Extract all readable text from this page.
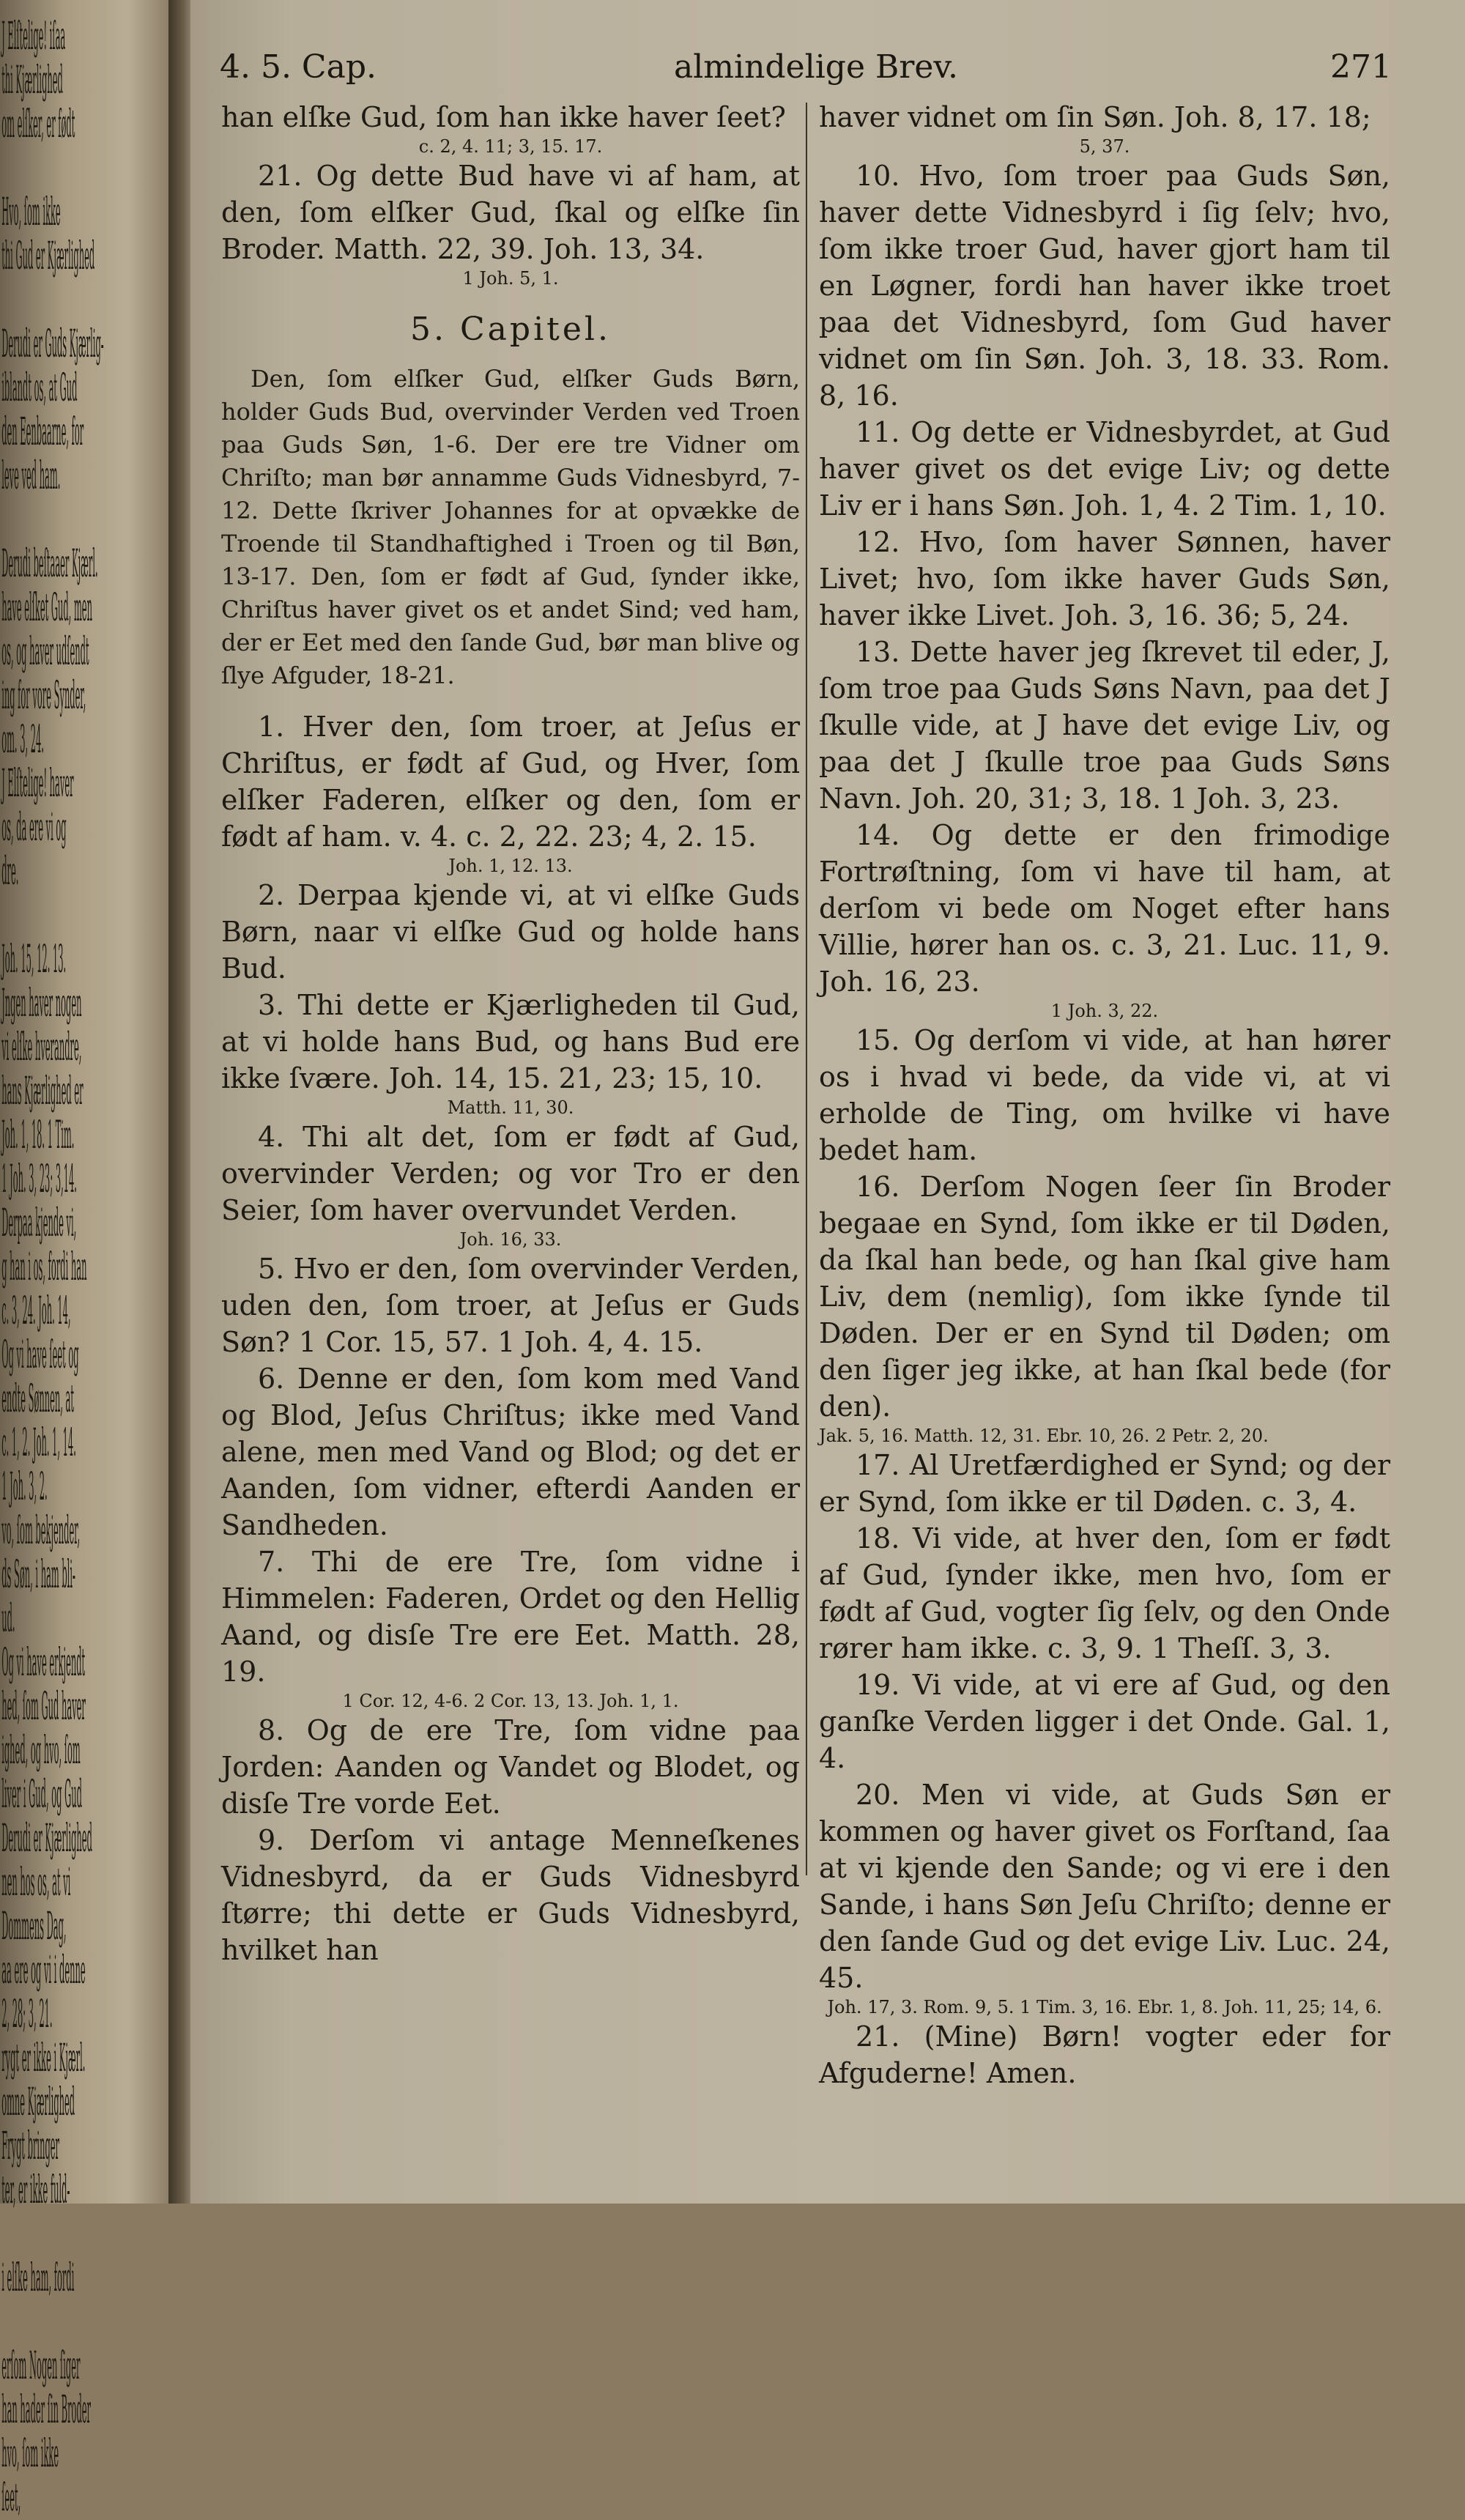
J Elſtelige! iſaa
thi Kjærlighed
om elſker, er født

Hvo, ſom ikke
thi Gud er Kjærlighed

Derudi er Guds Kjærlig-
iblandt os, at Gud
den Eenbaarne, for
leve ved ham.

Derudi beſtaaer Kjærl.
have elſket Gud, men
os, og haver udſendt
ing for vore Synder,
om. 3, 24.
J Elſtelige! haver
os, da ere vi og
dre.

Joh. 15, 12. 13.
Jngen haver nogen
vi elſke hverandre,
hans Kjærlighed er
Joh. 1, 18. 1 Tim.
1 Joh. 3, 23; 3,14.
Derpaa kjende vi,
g han i os, fordi han
c. 3, 24. Joh. 14,
Og vi have ſeet og
endte Sønnen, at
c. 1, 2. Joh. 1, 14.
1 Joh. 3, 2.
vo, ſom bekjender,
ds Søn, i ham bli-
ud.
Og vi have erkjendt
hed, ſom Gud haver
ighed, og hvo, ſom
liver i Gud, og Gud
Derudi er Kjærlighed
nen hos os, at vi
Dommens Dag,
aa ere og vi i denne
2, 28; 3, 21.
rygt er ikke i Kjærl.
omne Kjærlighed
Frygt bringer
ter, er ikke fuld-

i elſke ham, fordi

erſom Nogen ſiger
han hader ſin Broder
hvo, ſom ikke
ſeet,
4. 5. Cap.	almindelige Brev.	271

han elſke Gud, ſom han ikke haver ſeet?

c. 2, 4. 11; 3, 15. 17.

21. Og dette Bud have vi af ham, at den, ſom elſker Gud, ſkal og elſke ſin Broder. Matth. 22, 39. Joh. 13, 34.

1 Joh. 5, 1.

5. Capitel.

Den, ſom elſker Gud, elſker Guds Børn, holder Guds Bud, overvinder Verden ved Troen paa Guds Søn, 1-6. Der ere tre Vidner om Chriſto; man bør annamme Guds Vidnesbyrd, 7-12. Dette ſkriver Johannes for at opvække de Troende til Standhaftighed i Troen og til Bøn, 13-17. Den, ſom er født af Gud, ſynder ikke, Chriſtus haver givet os et andet Sind; ved ham, der er Eet med den ſande Gud, bør man blive og ſlye Afguder, 18-21.

1. Hver den, ſom troer, at Jeſus er Chriſtus, er født af Gud, og Hver, ſom elſker Faderen, elſker og den, ſom er født af ham. v. 4. c. 2, 22. 23; 4, 2. 15.

Joh. 1, 12. 13.

2. Derpaa kjende vi, at vi elſke Guds Børn, naar vi elſke Gud og holde hans Bud.

3. Thi dette er Kjærligheden til Gud, at vi holde hans Bud, og hans Bud ere ikke ſvære. Joh. 14, 15. 21, 23; 15, 10.

Matth. 11, 30.

4. Thi alt det, ſom er født af Gud, overvinder Verden; og vor Tro er den Seier, ſom haver overvundet Verden.

Joh. 16, 33.

5. Hvo er den, ſom overvinder Verden, uden den, ſom troer, at Jeſus er Guds Søn? 1 Cor. 15, 57. 1 Joh. 4, 4. 15.

6. Denne er den, ſom kom med Vand og Blod, Jeſus Chriſtus; ikke med Vand alene, men med Vand og Blod; og det er Aanden, ſom vidner, efterdi Aanden er Sandheden.

7. Thi de ere Tre, ſom vidne i Himmelen: Faderen, Ordet og den Hellig Aand, og disſe Tre ere Eet. Matth. 28, 19.

1 Cor. 12, 4-6. 2 Cor. 13, 13. Joh. 1, 1.

8. Og de ere Tre, ſom vidne paa Jorden: Aanden og Vandet og Blodet, og disſe Tre vorde Eet.

9. Derſom vi antage Menneſkenes Vidnesbyrd, da er Guds Vidnesbyrd ſtørre; thi dette er Guds Vidnesbyrd, hvilket han

haver vidnet om ſin Søn. Joh. 8, 17. 18;

5, 37.

10. Hvo, ſom troer paa Guds Søn, haver dette Vidnesbyrd i ſig ſelv; hvo, ſom ikke troer Gud, haver gjort ham til en Løgner, fordi han haver ikke troet paa det Vidnesbyrd, ſom Gud haver vidnet om ſin Søn. Joh. 3, 18. 33. Rom. 8, 16.

11. Og dette er Vidnesbyrdet, at Gud haver givet os det evige Liv; og dette Liv er i hans Søn. Joh. 1, 4. 2 Tim. 1, 10.

12. Hvo, ſom haver Sønnen, haver Livet; hvo, ſom ikke haver Guds Søn, haver ikke Livet. Joh. 3, 16. 36; 5, 24.

13. Dette haver jeg ſkrevet til eder, J, ſom troe paa Guds Søns Navn, paa det J ſkulle vide, at J have det evige Liv, og paa det J ſkulle troe paa Guds Søns Navn. Joh. 20, 31; 3, 18. 1 Joh. 3, 23.

14. Og dette er den frimodige Fortrøſtning, ſom vi have til ham, at derſom vi bede om Noget efter hans Villie, hører han os. c. 3, 21. Luc. 11, 9. Joh. 16, 23.

1 Joh. 3, 22.

15. Og derſom vi vide, at han hører os i hvad vi bede, da vide vi, at vi erholde de Ting, om hvilke vi have bedet ham.

16. Derſom Nogen ſeer ſin Broder begaae en Synd, ſom ikke er til Døden, da ſkal han bede, og han ſkal give ham Liv, dem (nemlig), ſom ikke ſynde til Døden. Der er en Synd til Døden; om den ſiger jeg ikke, at han ſkal bede (for den).

Jak. 5, 16. Matth. 12, 31. Ebr. 10, 26. 2 Petr. 2, 20.

17. Al Uretfærdighed er Synd; og der er Synd, ſom ikke er til Døden. c. 3, 4.

18. Vi vide, at hver den, ſom er født af Gud, ſynder ikke, men hvo, ſom er født af Gud, vogter ſig ſelv, og den Onde rører ham ikke. c. 3, 9. 1 Theſſ. 3, 3.

19. Vi vide, at vi ere af Gud, og den ganſke Verden ligger i det Onde. Gal. 1, 4.

20. Men vi vide, at Guds Søn er kommen og haver givet os Forſtand, ſaa at vi kjende den Sande; og vi ere i den Sande, i hans Søn Jeſu Chriſto; denne er den ſande Gud og det evige Liv. Luc. 24, 45.

Joh. 17, 3. Rom. 9, 5. 1 Tim. 3, 16. Ebr. 1, 8. Joh. 11, 25; 14, 6.

21. (Mine) Børn! vogter eder for Afguderne! Amen.
